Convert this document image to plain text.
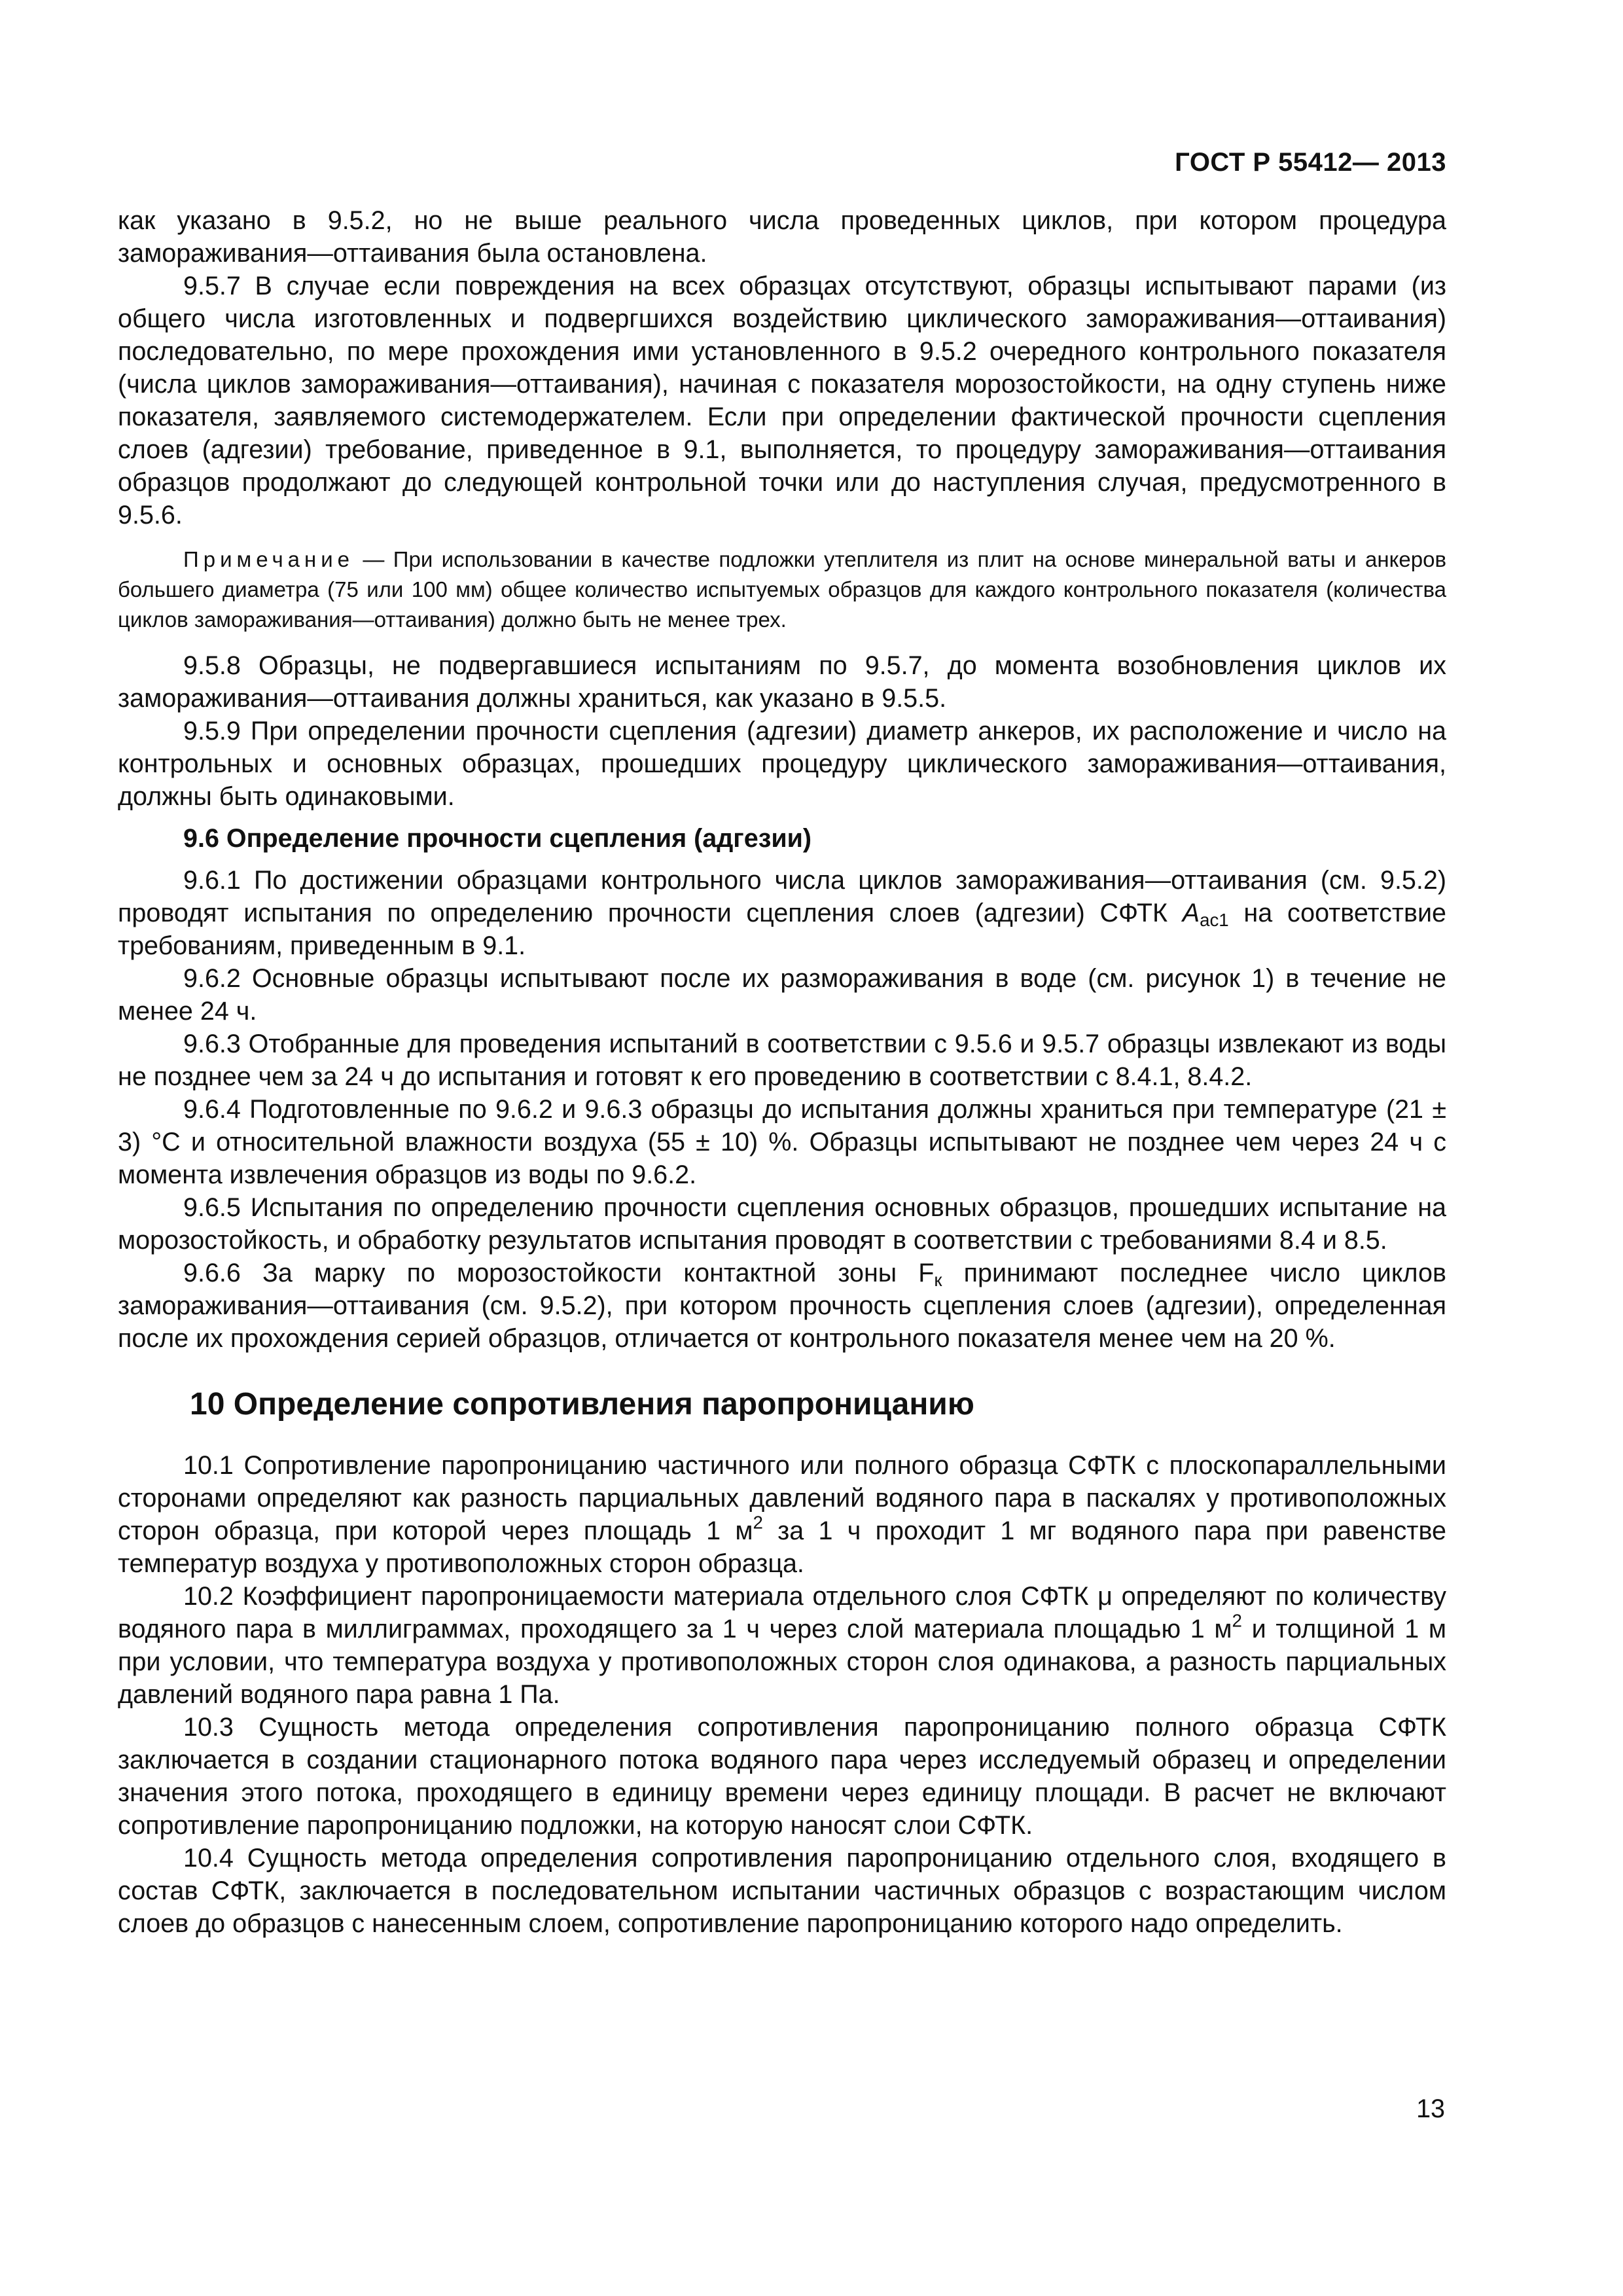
ГОСТ Р 55412— 2013

как указано в 9.5.2, но не выше реального числа проведенных циклов, при котором процедура замораживания—оттаивания была остановлена.

9.5.7 В случае если повреждения на всех образцах отсутствуют, образцы испытывают парами (из общего числа изготовленных и подвергшихся воздействию циклического замораживания—оттаивания) последовательно, по мере прохождения ими установленного в 9.5.2 очередного контрольного показателя (числа циклов замораживания—оттаивания), начиная с показателя морозостойкости, на одну ступень ниже показателя, заявляемого системодержателем. Если при определении фактической прочности сцепления слоев (адгезии) требование, приведенное в 9.1, выполняется, то процедуру замораживания—оттаивания образцов продолжают до следующей контрольной точки или до наступления случая, предусмотренного в 9.5.6.

Примечание — При использовании в качестве подложки утеплителя из плит на основе минеральной ваты и анкеров большего диаметра (75 или 100 мм) общее количество испытуемых образцов для каждого контрольного показателя (количества циклов замораживания—оттаивания) должно быть не менее трех.

9.5.8 Образцы, не подвергавшиеся испытаниям по 9.5.7, до момента возобновления циклов их замораживания—оттаивания должны храниться, как указано в 9.5.5.

9.5.9 При определении прочности сцепления (адгезии) диаметр анкеров, их расположение и число на контрольных и основных образцах, прошедших процедуру циклического замораживания—оттаивания, должны быть одинаковыми.

9.6 Определение прочности сцепления (адгезии)

9.6.1 По достижении образцами контрольного числа циклов замораживания—оттаивания (см. 9.5.2) проводят испытания по определению прочности сцепления слоев (адгезии) СФТК $A_{ас1}$ на соответствие требованиям, приведенным в 9.1.

9.6.2 Основные образцы испытывают после их размораживания в воде (см. рисунок 1) в течение не менее 24 ч.

9.6.3 Отобранные для проведения испытаний в соответствии с 9.5.6 и 9.5.7 образцы извлекают из воды не позднее чем за 24 ч до испытания и готовят к его проведению в соответствии с 8.4.1, 8.4.2.

9.6.4 Подготовленные по 9.6.2 и 9.6.3 образцы до испытания должны храниться при температуре (21 ± 3) °С и относительной влажности воздуха (55 ± 10) %. Образцы испытывают не позднее чем через 24 ч с момента извлечения образцов из воды по 9.6.2.

9.6.5 Испытания по определению прочности сцепления основных образцов, прошедших испытание на морозостойкость, и обработку результатов испытания проводят в соответствии с требованиями 8.4 и 8.5.

9.6.6 За марку по морозостойкости контактной зоны $F_к$ принимают последнее число циклов замораживания—оттаивания (см. 9.5.2), при котором прочность сцепления слоев (адгезии), определенная после их прохождения серией образцов, отличается от контрольного показателя менее чем на 20 %.

10 Определение сопротивления паропроницанию

10.1 Сопротивление паропроницанию частичного или полного образца СФТК с плоскопараллельными сторонами определяют как разность парциальных давлений водяного пара в паскалях у противоположных сторон образца, при которой через площадь 1 $м^2$ за 1 ч проходит 1 мг водяного пара при равенстве температур воздуха у противоположных сторон образца.

10.2 Коэффициент паропроницаемости материала отдельного слоя СФТК μ определяют по количеству водяного пара в миллиграммах, проходящего за 1 ч через слой материала площадью 1 $м^2$ и толщиной 1 м при условии, что температура воздуха у противоположных сторон слоя одинакова, а разность парциальных давлений водяного пара равна 1 Па.

10.3 Сущность метода определения сопротивления паропроницанию полного образца СФТК заключается в создании стационарного потока водяного пара через исследуемый образец и определении значения этого потока, проходящего в единицу времени через единицу площади. В расчет не включают сопротивление паропроницанию подложки, на которую наносят слои СФТК.

10.4 Сущность метода определения сопротивления паропроницанию отдельного слоя, входящего в состав СФТК, заключается в последовательном испытании частичных образцов с возрастающим числом слоев до образцов с нанесенным слоем, сопротивление паропроницанию которого надо определить.

13
